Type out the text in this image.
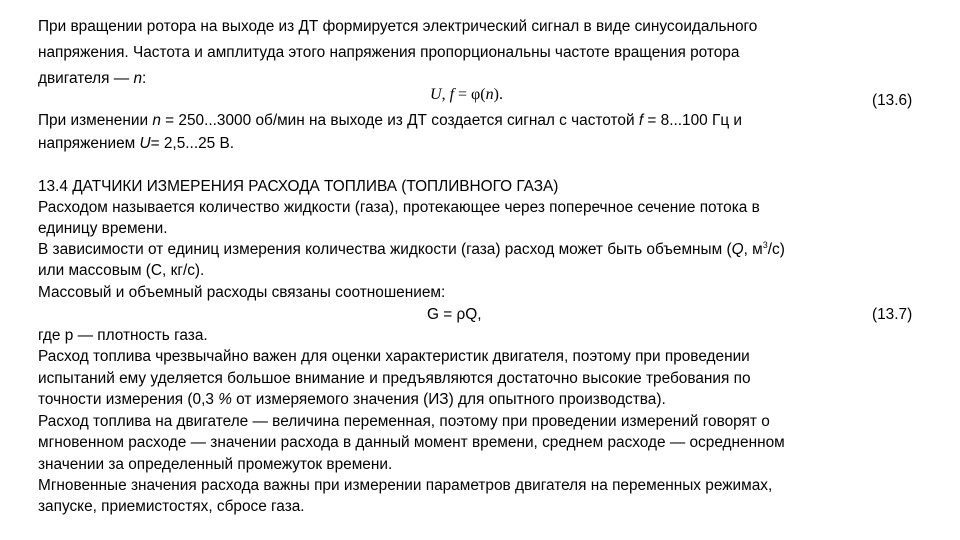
При вращении ротора на выходе из ДТ формируется электрический сигнал в виде синусоидального
напряжения. Частота и амплитуда этого напряжения пропорциональны частоте вращения ротора
двигателя — n:
U, f = φ(n).	(13.6)
При изменении n = 250...3000 об/мин на выходе из ДТ создается сигнал с частотой f = 8...100 Гц и
напряжением U= 2,5...25 В.
13.4 ДАТЧИКИ ИЗМЕРЕНИЯ РАСХОДА ТОПЛИВА (ТОПЛИВНОГО ГАЗА)
Расходом называется количество жидкости (газа), протекающее через поперечное сечение потока в
единицу времени.
В зависимости от единиц измерения количества жидкости (газа) расход может быть объемным (Q, $м^3/с$)
или массовым (С, кг/с).
Массовый и объемный расходы связаны соотношением:
G = ρQ,	(13.7)
где р — плотность газа.
Расход топлива чрезвычайно важен для оценки характеристик двигателя, поэтому при проведении
испытаний ему уделяется большое внимание и предъявляются достаточно высокие требования по
точности измерения (0,3 % от измеряемого значения (ИЗ) для опытного производства).
Расход топлива на двигателе — величина переменная, поэтому при проведении измерений говорят о
мгновенном расходе — значении расхода в данный момент времени, среднем расходе — осредненном
значении за определенный промежуток времени.
Мгновенные значения расхода важны при измерении параметров двигателя на переменных режимах,
запуске, приемистостях, сбросе газа.
